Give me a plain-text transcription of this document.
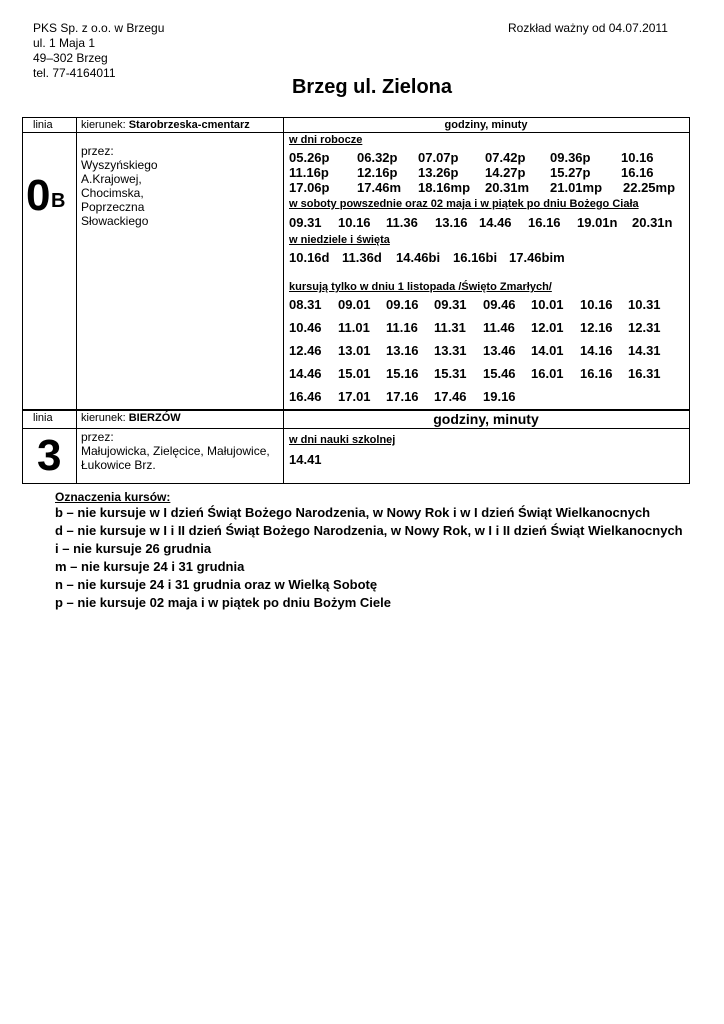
PKS Sp. z o.o. w Brzegu
ul. 1 Maja 1
49–302 Brzeg
tel. 77-4164011
Rozkład ważny od 04.07.2011
Brzeg ul. Zielona
linia	kierunek: Starobrzeska-cmentarz	godziny, minuty
0 B
przez:
Wyszyńskiego
A.Krajowej,
Chocimska,
Poprzeczna
Słowackiego
w dni robocze
05.26p 06.32p 07.07p 07.42p 09.36p 10.16
11.16p 12.16p 13.26p 14.27p 15.27p 16.16
17.06p 17.46m 18.16mp 20.31m 21.01mp 22.25mp
w soboty powszednie oraz 02 maja i w piątek po dniu Bożego Ciała
09.31 10.16 11.36 13.16 14.46 16.16 19.01n 20.31n
w niedziele i święta
10.16d 11.36d 14.46bi 16.16bi 17.46bim
kursują tylko w dniu 1 listopada /Święto Zmarłych/
08.31 09.01 09.16 09.31 09.46 10.01 10.16 10.31
10.46 11.01 11.16 11.31 11.46 12.01 12.16 12.31
12.46 13.01 13.16 13.31 13.46 14.01 14.16 14.31
14.46 15.01 15.16 15.31 15.46 16.01 16.16 16.31
16.46 17.01 17.16 17.46 19.16
linia	kierunek: BIERZÓW	godziny, minuty
3 przez:
Małujowicka, Zielęcice, Małujowice,
Łukowice Brz.
w dni nauki szkolnej
14.41
Oznaczenia kursów:
b – nie kursuje w I dzień Świąt Bożego Narodzenia, w Nowy Rok i w I dzień Świąt Wielkanocnych
d – nie kursuje w I i II dzień Świąt Bożego Narodzenia, w Nowy Rok, w I i II dzień Świąt Wielkanocnych
i – nie kursuje 26 grudnia
m – nie kursuje 24 i 31 grudnia
n – nie kursuje 24 i 31 grudnia oraz w Wielką Sobotę
p – nie kursuje 02 maja i w piątek po dniu Bożym Ciele
